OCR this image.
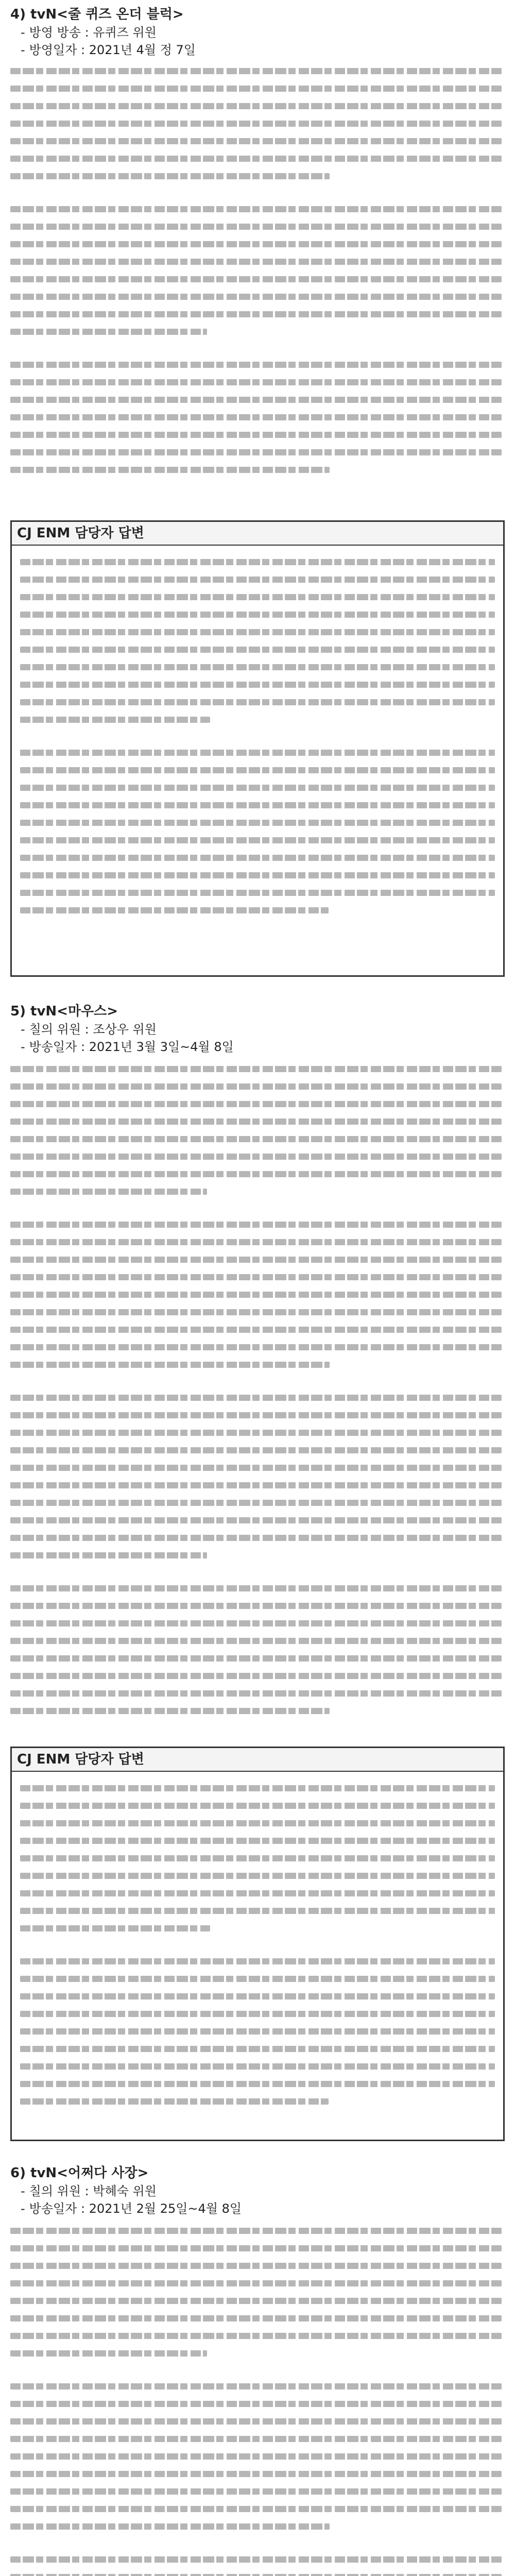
4) tvN<줄 퀴즈 온더 블럭>
- 방영 방송 : 유퀴즈 위원
- 방영일자 : 2021년 4월 정 7일
CJ ENM 담당자 답변
5) tvN<마우스>
- 칠의 위원 : 조상우 위원
- 방송일자 : 2021년 3월 3일~4월 8일
CJ ENM 담당자 답변
6) tvN<어쩌다 사장>
- 칠의 위원 : 박혜숙 위원
- 방송일자 : 2021년 2월 25일~4월 8일
